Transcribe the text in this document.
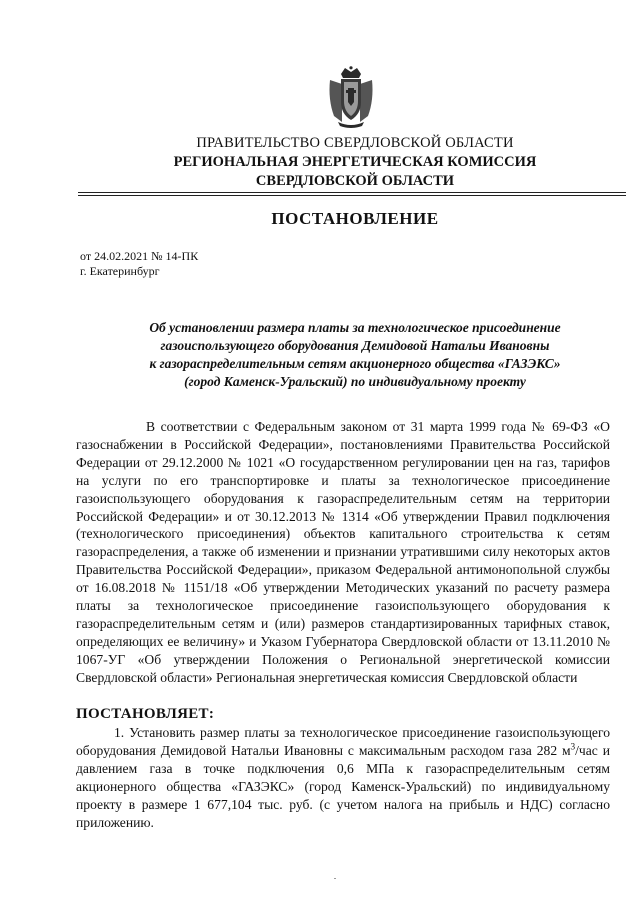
ПРАВИТЕЛЬСТВО СВЕРДЛОВСКОЙ ОБЛАСТИ
РЕГИОНАЛЬНАЯ ЭНЕРГЕТИЧЕСКАЯ КОМИССИЯ
СВЕРДЛОВСКОЙ ОБЛАСТИ
ПОСТАНОВЛЕНИЕ
от 24.02.2021 № 14-ПК
г. Екатеринбург
Об установлении размера платы за технологическое присоединение
газоиспользующего оборудования Демидовой Натальи Ивановны
к газораспределительным сетям акционерного общества «ГАЗЭКС»
(город Каменск-Уральский) по индивидуальному проекту
В соответствии с Федеральным законом от 31 марта 1999 года № 69-ФЗ «О газоснабжении в Российской Федерации», постановлениями Правительства Российской Федерации от 29.12.2000 № 1021 «О государственном регулировании цен на газ, тарифов на услуги по его транспортировке и платы за технологическое присоединение газоиспользующего оборудования к газораспределительным сетям на территории Российской Федерации» и от 30.12.2013 № 1314 «Об утверждении Правил подключения (технологического присоединения) объектов капитального строительства к сетям газораспределения, а также об изменении и признании утратившими силу некоторых актов Правительства Российской Федерации», приказом Федеральной антимонопольной службы от 16.08.2018 № 1151/18 «Об утверждении Методических указаний по расчету размера платы за технологическое присоединение газоиспользующего оборудования к газораспределительным сетям и (или) размеров стандартизированных тарифных ставок, определяющих ее величину» и Указом Губернатора Свердловской области от 13.11.2010 № 1067-УГ «Об утверждении Положения о Региональной энергетической комиссии Свердловской области» Региональная энергетическая комиссия Свердловской области
ПОСТАНОВЛЯЕТ:
1. Установить размер платы за технологическое присоединение газоиспользующего оборудования Демидовой Натальи Ивановны с максимальным расходом газа 282 $м^3$/час и давлением газа в точке подключения 0,6 МПа к газораспределительным сетям акционерного общества «ГАЗЭКС» (город Каменск-Уральский) по индивидуальному проекту в размере 1 677,104 тыс. руб. (с учетом налога на прибыль и НДС) согласно приложению.
